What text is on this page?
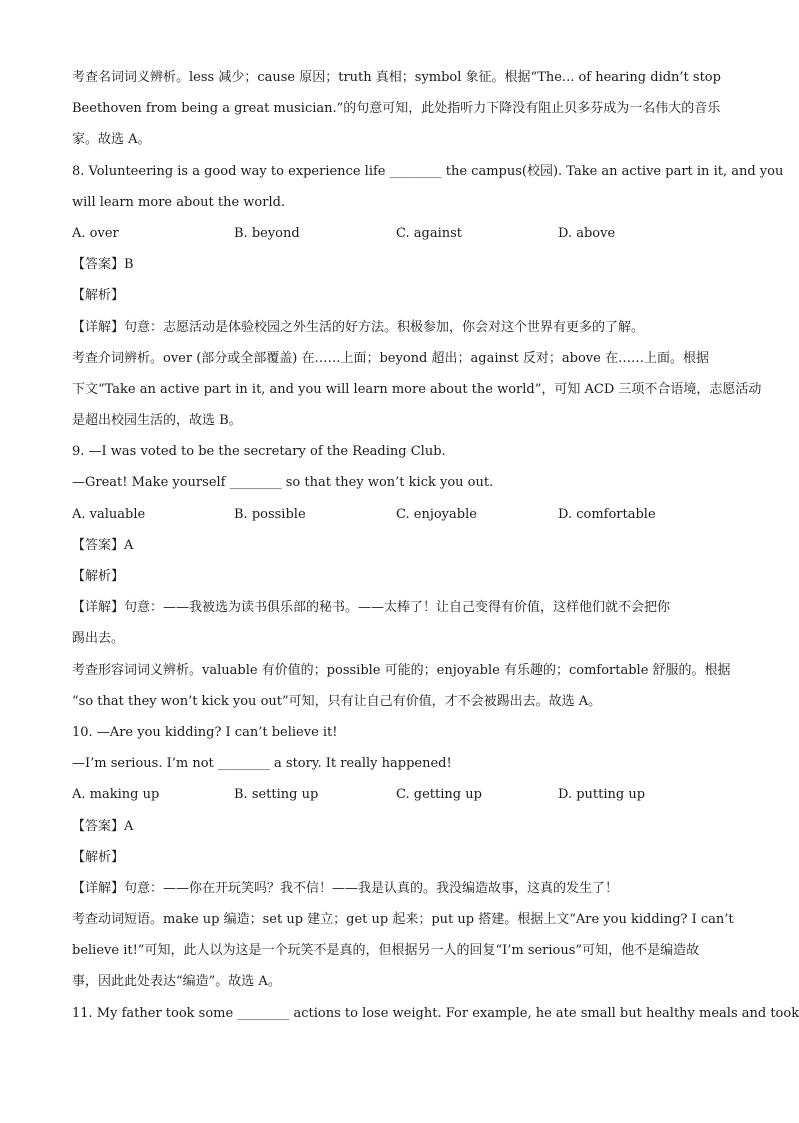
考查名词词义辨析。less 减少；cause 原因；truth 真相；symbol 象征。根据“The... of hearing didn’t stop
Beethoven from being a great musician.”的句意可知，此处指听力下降没有阻止贝多芬成为一名伟大的音乐
家。故选 A。
8. Volunteering is a good way to experience life ________ the campus(校园). Take an active part in it, and you
will learn more about the world.
A. over	B. beyond	C. against	D. above
【答案】B
【解析】
【详解】句意：志愿活动是体验校园之外生活的好方法。积极参加，你会对这个世界有更多的了解。
考查介词辨析。over (部分或全部覆盖) 在……上面；beyond 超出；against 反对；above 在……上面。根据
下文“Take an active part in it, and you will learn more about the world”，可知 ACD 三项不合语境，志愿活动
是超出校园生活的，故选 B。
9. —I was voted to be the secretary of the Reading Club.
—Great! Make yourself ________ so that they won’t kick you out.
A. valuable	B. possible	C. enjoyable	D. comfortable
【答案】A
【解析】
【详解】句意：——我被选为读书俱乐部的秘书。——太棒了！让自己变得有价值，这样他们就不会把你
踢出去。
考查形容词词义辨析。valuable 有价值的；possible 可能的；enjoyable 有乐趣的；comfortable 舒服的。根据
“so that they won’t kick you out”可知，只有让自己有价值，才不会被踢出去。故选 A。
10. —Are you kidding? I can’t believe it!
—I’m serious. I’m not ________ a story. It really happened!
A. making up	B. setting up	C. getting up	D. putting up
【答案】A
【解析】
【详解】句意：——你在开玩笑吗？我不信！——我是认真的。我没编造故事，这真的发生了！
考查动词短语。make up 编造；set up 建立；get up 起来；put up 搭建。根据上文“Are you kidding? I can’t
believe it!”可知，此人以为这是一个玩笑不是真的，但根据另一人的回复“I’m serious”可知，他不是编造故
事，因此此处表达“编造”。故选 A。
11. My father took some ________ actions to lose weight. For example, he ate small but healthy meals and took
